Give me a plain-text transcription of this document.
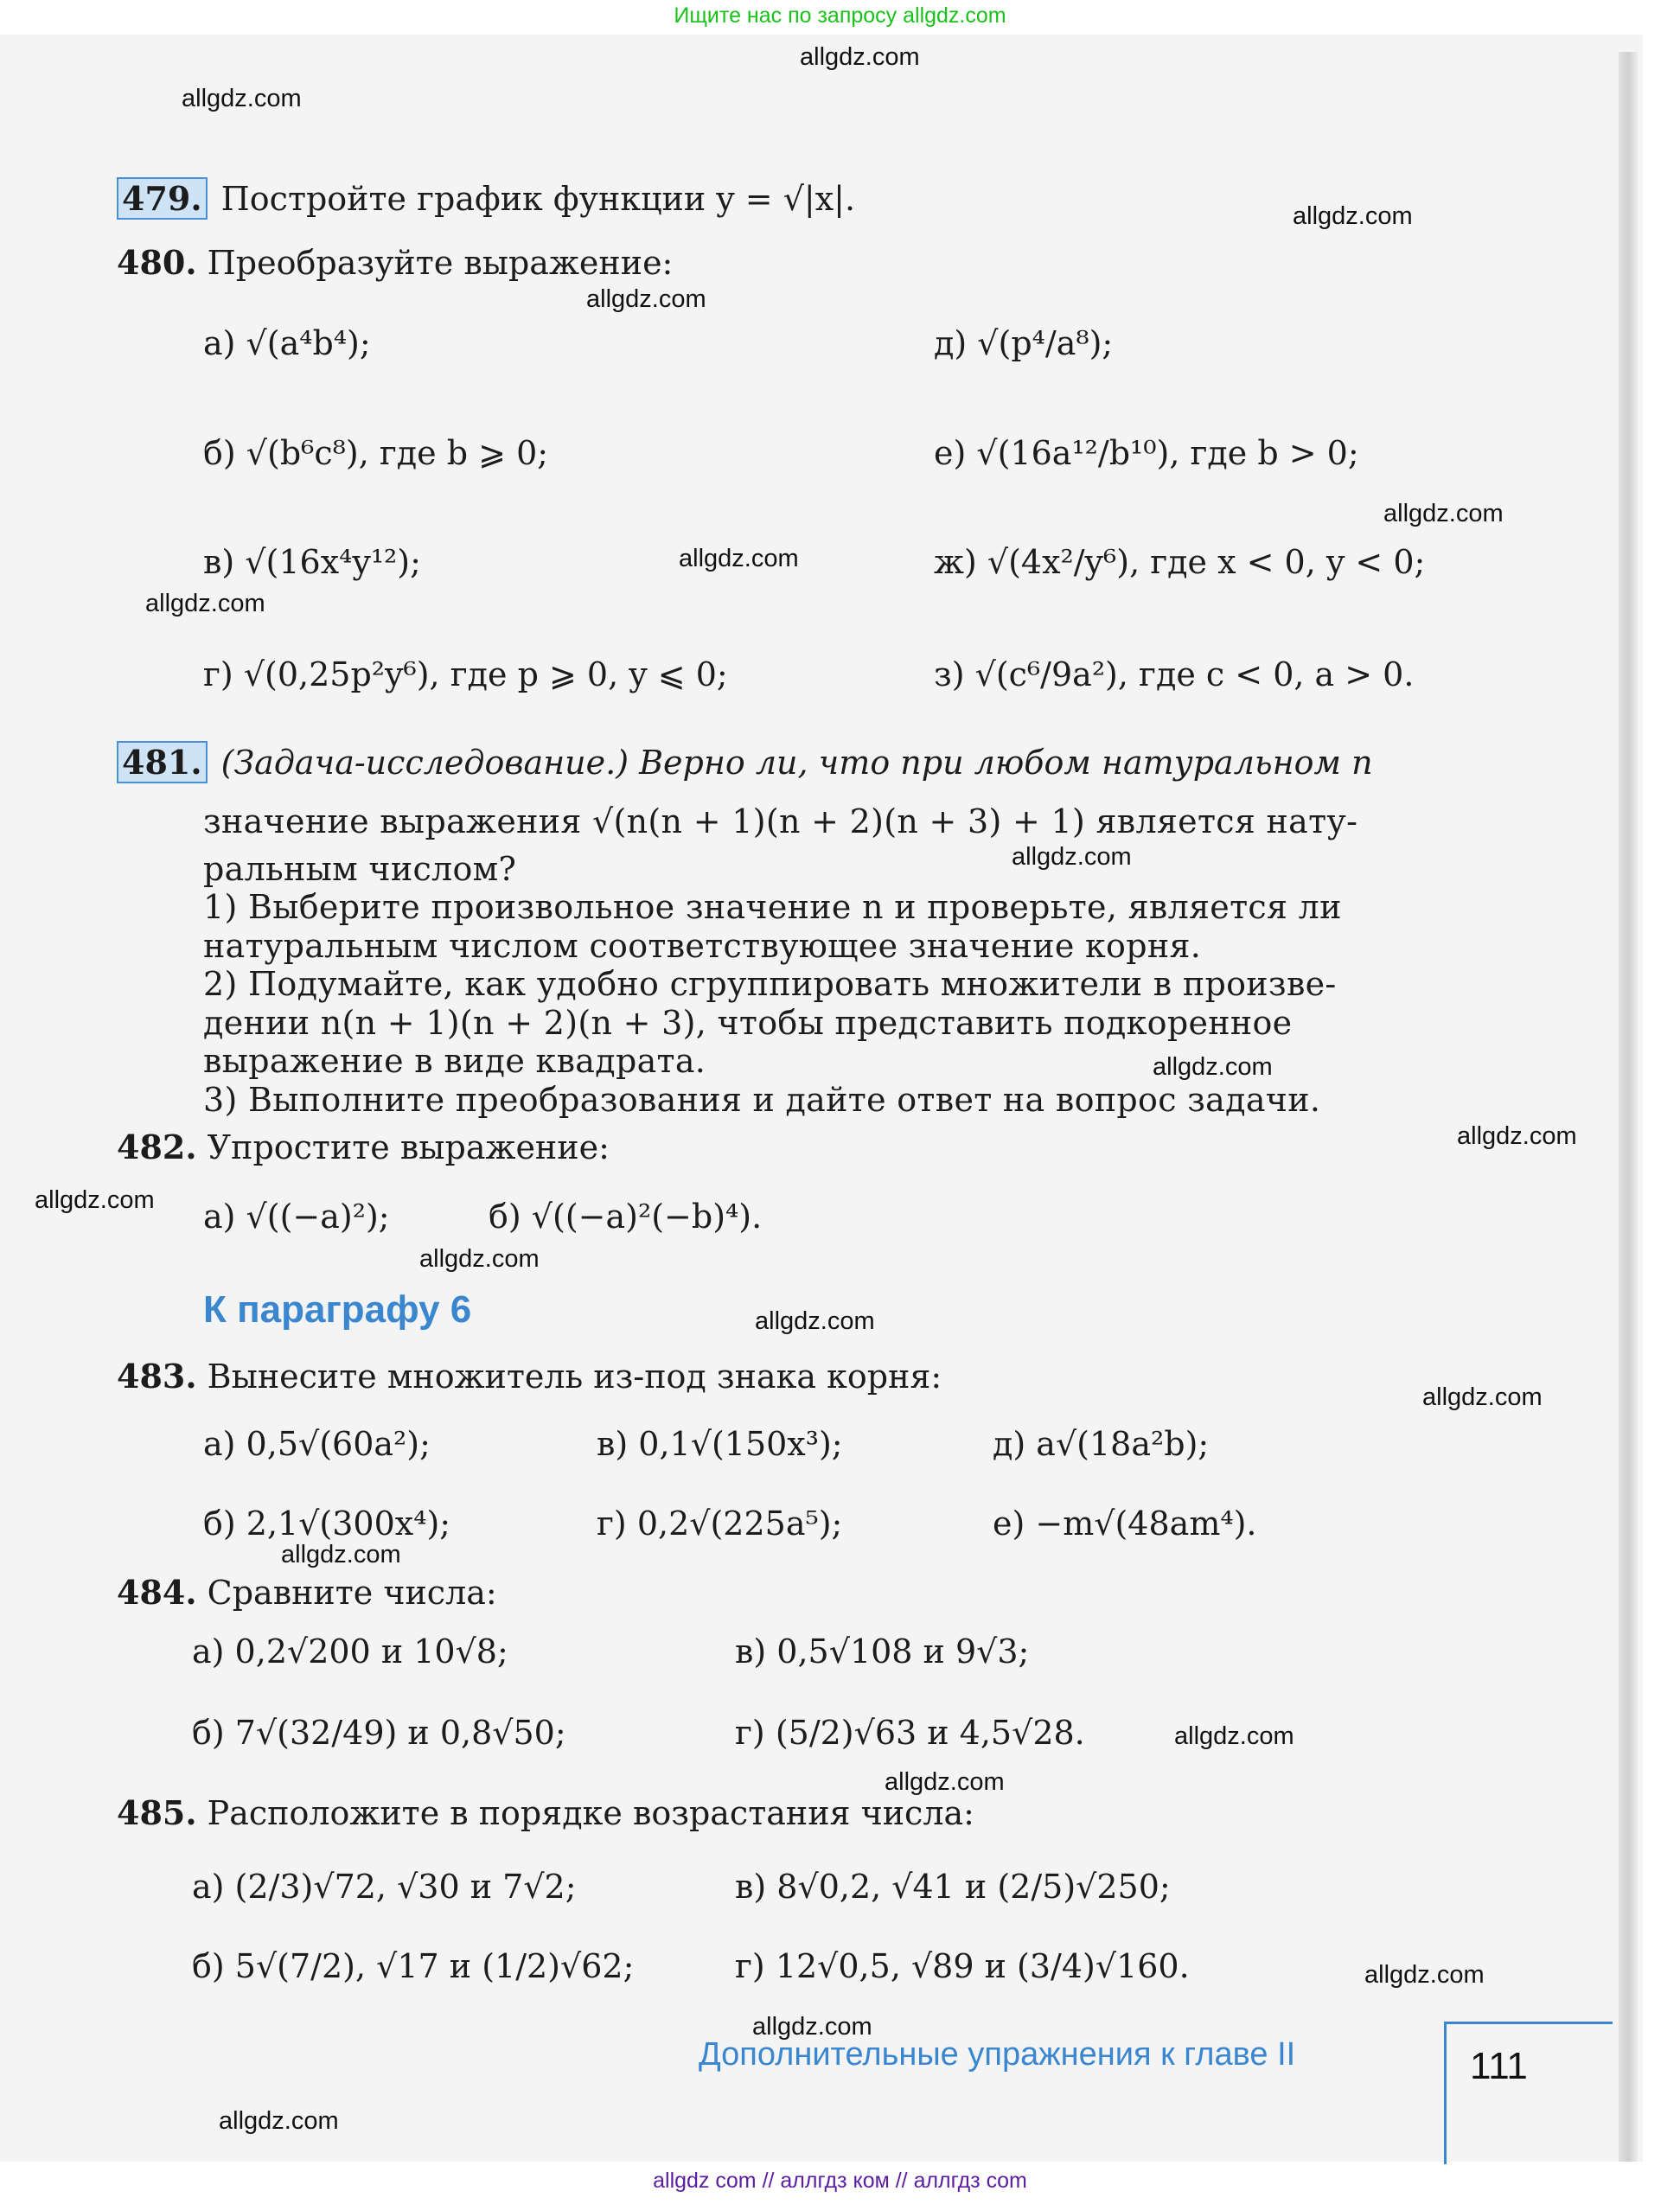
Ищите нас по запросу allgdz.com
allgdz.com
allgdz.com
allgdz.com
allgdz.com
allgdz.com
allgdz.com
allgdz.com
allgdz.com
allgdz.com
allgdz.com
allgdz.com
allgdz.com
allgdz.com
allgdz.com
allgdz.com
allgdz.com
allgdz.com
allgdz.com
allgdz.com
allgdz.com
479. Постройте график функции y = √|x|.
480. Преобразуйте выражение:
а) √(a⁴b⁴);	д) √(p⁴/a⁸);
б) √(b⁶c⁸), где b ⩾ 0;	е) √(16a¹²/b¹⁰), где b > 0;
в) √(16x⁴y¹²);	ж) √(4x²/y⁶), где x < 0, y < 0;
г) √(0,25p²y⁶), где p ⩾ 0, y ⩽ 0;	з) √(c⁶/9a²), где c < 0, a > 0.
481. (Задача-исследование.) Верно ли, что при любом натуральном n
значение выражения √(n(n + 1)(n + 2)(n + 3) + 1) является нату-
ральным числом?
1) Выберите произвольное значение n и проверьте, является ли
натуральным числом соответствующее значение корня.
2) Подумайте, как удобно сгруппировать множители в произве-
дении n(n + 1)(n + 2)(n + 3), чтобы представить подкоренное
выражение в виде квадрата.
3) Выполните преобразования и дайте ответ на вопрос задачи.
482. Упростите выражение:
а) √((−a)²);	б) √((−a)²(−b)⁴).
К параграфу 6
483. Вынесите множитель из-под знака корня:
а) 0,5√(60a²);	в) 0,1√(150x³);	д) a√(18a²b);
б) 2,1√(300x⁴);	г) 0,2√(225a⁵);	е) −m√(48am⁴).
484. Сравните числа:
а) 0,2√200 и 10√8;	в) 0,5√108 и 9√3;
б) 7√(32/49) и 0,8√50;	г) (5/2)√63 и 4,5√28.
485. Расположите в порядке возрастания числа:
а) (2/3)√72, √30 и 7√2;	в) 8√0,2, √41 и (2/5)√250;
б) 5√(7/2), √17 и (1/2)√62;	г) 12√0,5, √89 и (3/4)√160.
Дополнительные упражнения к главе II	111
allgdz com // аллгдз ком // аллгдз com
